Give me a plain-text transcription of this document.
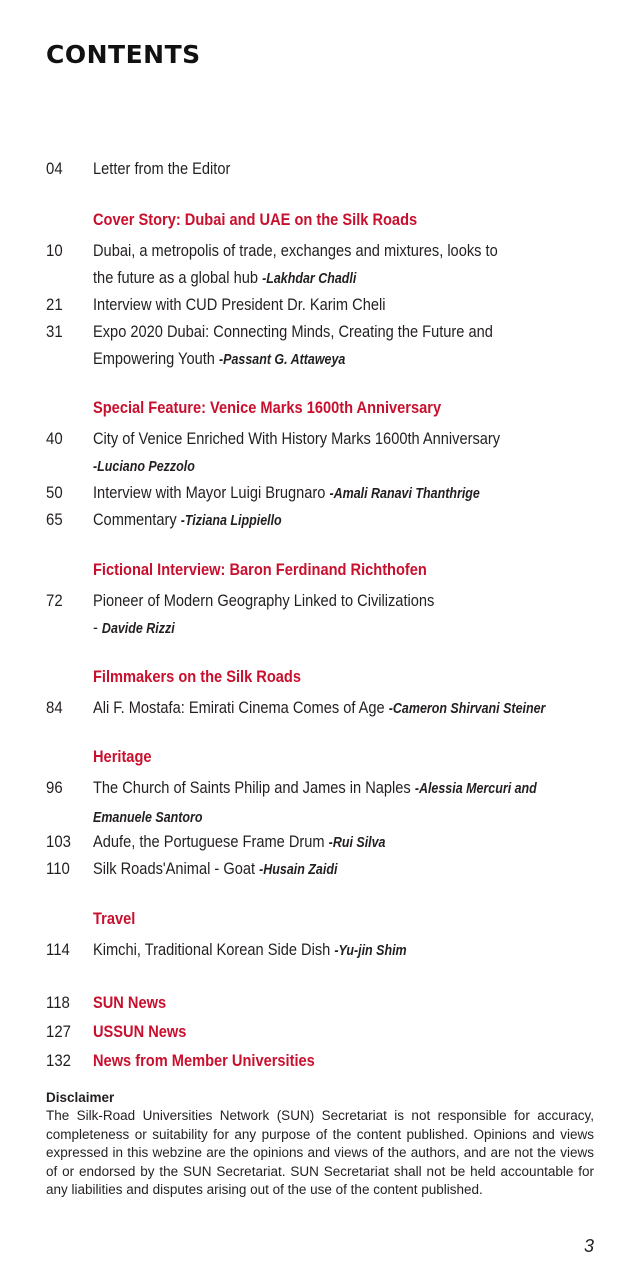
CONTENTS
04 Letter from the Editor
Cover Story: Dubai and UAE on the Silk Roads
10 Dubai, a metropolis of trade, exchanges and mixtures, looks to
the future as a global hub -Lakhdar Chadli
21 Interview with CUD President Dr. Karim Cheli
31 Expo 2020 Dubai: Connecting Minds, Creating the Future and
Empowering Youth -Passant G. Attaweya
Special Feature: Venice Marks 1600th Anniversary
40 City of Venice Enriched With History Marks 1600th Anniversary
-Luciano Pezzolo
50 Interview with Mayor Luigi Brugnaro -Amali Ranavi Thanthrige
65 Commentary -Tiziana Lippiello
Fictional Interview: Baron Ferdinand Richthofen
72 Pioneer of Modern Geography Linked to Civilizations
- Davide Rizzi
Filmmakers on the Silk Roads
84 Ali F. Mostafa: Emirati Cinema Comes of Age -Cameron Shirvani Steiner
Heritage
96 The Church of Saints Philip and James in Naples -Alessia Mercuri and
Emanuele Santoro
103 Adufe, the Portuguese Frame Drum -Rui Silva
110 Silk Roads'Animal - Goat -Husain Zaidi
Travel
114 Kimchi, Traditional Korean Side Dish -Yu-jin Shim
118 SUN News
127 USSUN News
132 News from Member Universities
Disclaimer

The Silk-Road Universities Network (SUN) Secretariat is not responsible for accuracy, completeness or suitability for any purpose of the content published. Opinions and views expressed in this webzine are the opinions and views of the authors, and are not the views of or endorsed by the SUN Secretariat. SUN Secretariat shall not be held accountable for any liabilities and disputes arising out of the use of the content published.

3
